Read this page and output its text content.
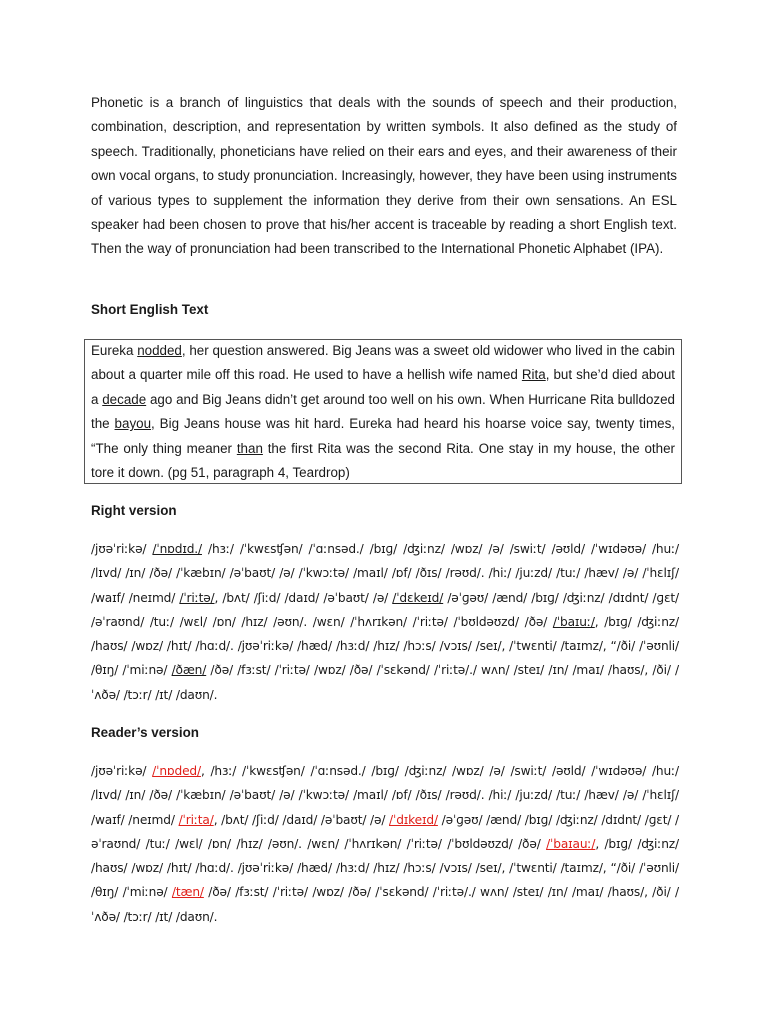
Phonetic is a branch of linguistics that deals with the sounds of speech and their production, combination, description, and representation by written symbols. It also defined as the study of speech. Traditionally, phoneticians have relied on their ears and eyes, and their awareness of their own vocal organs, to study pronunciation. Increasingly, however, they have been using instruments of various types to supplement the information they derive from their own sensations. An ESL speaker had been chosen to prove that his/her accent is traceable by reading a short English text. Then the way of pronunciation had been transcribed to the International Phonetic Alphabet (IPA).
Short English Text
Eureka nodded, her question answered. Big Jeans was a sweet old widower who lived in the cabin about a quarter mile off this road. He used to have a hellish wife named Rita, but she’d died about a decade ago and Big Jeans didn’t get around too well on his own. When Hurricane Rita bulldozed the bayou, Big Jeans house was hit hard. Eureka had heard his hoarse voice say, twenty times, “The only thing meaner than the first Rita was the second Rita. One stay in my house, the other tore it down. (pg 51, paragraph 4, Teardrop)
Right version
/jʊəˈriːkə/ /ˈnɒdɪd./ /hɜː/ /ˈkwɛsʧən/ /ˈɑːnsəd./ /bɪɡ/ /ʤiːnz/ /wɒz/ /ə/ /swiːt/ /əʊld/ /ˈwɪdəʊə/ /huː/ /lɪvd/ /ɪn/ /ðə/ /ˈkæbɪn/ /əˈbaʊt/ /ə/ /ˈkwɔːtə/ /maɪl/ /ɒf/ /ðɪs/ /rəʊd/. /hiː/ /juːzd/ /tuː/ /hæv/ /ə/ /ˈhɛlɪʃ/ /waɪf/ /neɪmd/ /ˈriːtə/, /bʌt/ /ʃiːd/ /daɪd/ /əˈbaʊt/ /ə/ /ˈdɛkeɪd/ /əˈɡəʊ/ /ænd/ /bɪɡ/ /ʤiːnz/ /dɪdnt/ /ɡɛt/ /əˈraʊnd/ /tuː/ /wɛl/ /ɒn/ /hɪz/ /əʊn/. /wɛn/ /ˈhʌrɪkən/ /ˈriːtə/ /ˈbʊldəʊzd/ /ðə/ /ˈbaɪuː/, /bɪɡ/ /ʤiːnz/ /haʊs/ /wɒz/ /hɪt/ /hɑːd/. /jʊəˈriːkə/ /hæd/ /hɜːd/ /hɪz/ /hɔːs/ /vɔɪs/ /seɪ/, /ˈtwɛnti/ /taɪmz/, “/ði/ /ˈəʊnli/ /θɪŋ/ /ˈmiːnə/ /ðæn/ /ðə/ /fɜːst/ /ˈriːtə/ /wɒz/ /ðə/ /ˈsɛkənd/ /ˈriːtə/./ wʌn/ /steɪ/ /ɪn/ /maɪ/ /haʊs/, /ði/ /ˈʌðə/ /tɔːr/ /ɪt/ /daʊn/.
Reader’s version
/jʊəˈriːkə/ /ˈnɒded/, /hɜː/ /ˈkwɛsʧən/ /ˈɑːnsəd./ /bɪɡ/ /ʤiːnz/ /wɒz/ /ə/ /swiːt/ /əʊld/ /ˈwɪdəʊə/ /huː/ /lɪvd/ /ɪn/ /ðə/ /ˈkæbɪn/ /əˈbaʊt/ /ə/ /ˈkwɔːtə/ /maɪl/ /ɒf/ /ðɪs/ /rəʊd/. /hiː/ /juːzd/ /tuː/ /hæv/ /ə/ /ˈhɛlɪʃ/ /waɪf/ /neɪmd/ /ˈriːta/, /bʌt/ /ʃiːd/ /daɪd/ /əˈbaʊt/ /ə/ /ˈdɪkeɪd/ /əˈɡəʊ/ /ænd/ /bɪɡ/ /ʤiːnz/ /dɪdnt/ /ɡɛt/ /əˈraʊnd/ /tuː/ /wɛl/ /ɒn/ /hɪz/ /əʊn/. /wɛn/ /ˈhʌrɪkən/ /ˈriːtə/ /ˈbʊldəʊzd/ /ðə/ /ˈbaɪauː/, /bɪɡ/ /ʤiːnz/ /haʊs/ /wɒz/ /hɪt/ /hɑːd/. /jʊəˈriːkə/ /hæd/ /hɜːd/ /hɪz/ /hɔːs/ /vɔɪs/ /seɪ/, /ˈtwɛnti/ /taɪmz/, “/ði/ /ˈəʊnli/ /θɪŋ/ /ˈmiːnə/ /tæn/ /ðə/ /fɜːst/ /ˈriːtə/ /wɒz/ /ðə/ /ˈsɛkənd/ /ˈriːtə/./ wʌn/ /steɪ/ /ɪn/ /maɪ/ /haʊs/, /ði/ /ˈʌðə/ /tɔːr/ /ɪt/ /daʊn/.
